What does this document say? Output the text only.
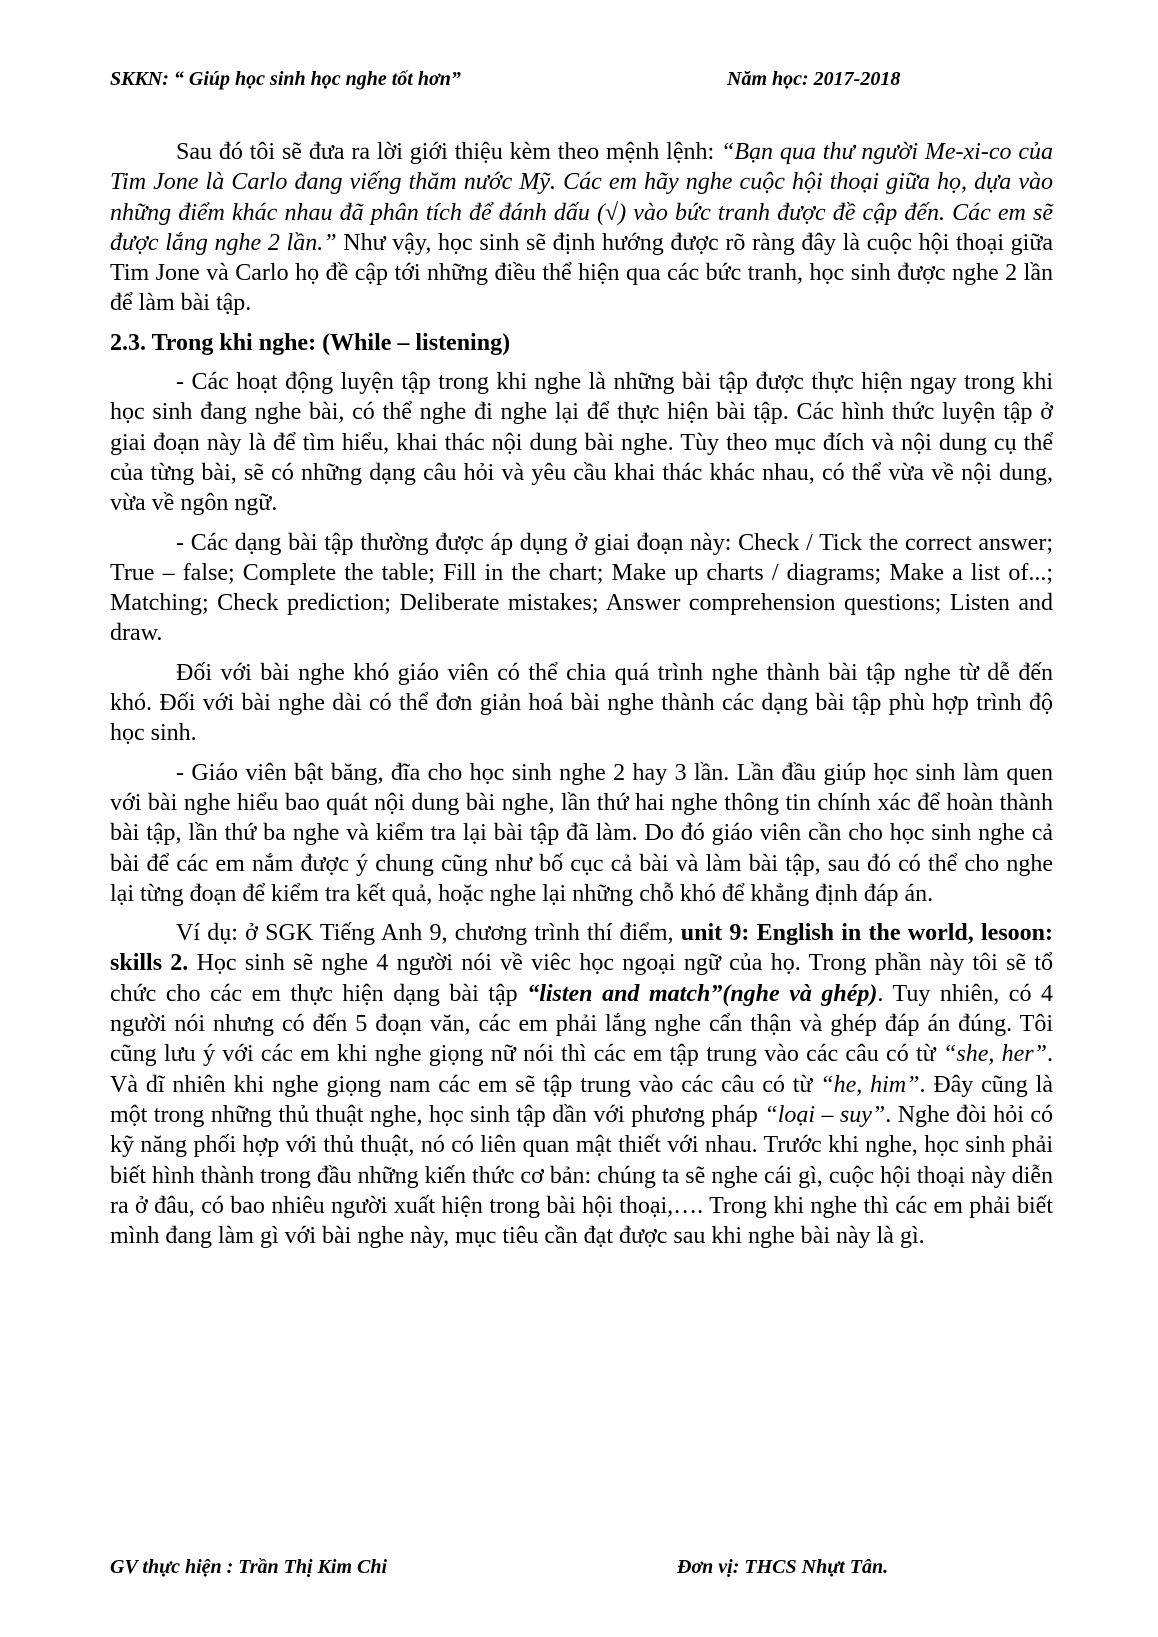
SKKN: “ Giúp học sinh học nghe tốt hơn”	Năm học: 2017-2018

Sau đó tôi sẽ đưa ra lời giới thiệu kèm theo mệnh lệnh: “Bạn qua thư người Me-xi-co của Tim Jone là Carlo đang viếng thăm nước Mỹ. Các em hãy nghe cuộc hội thoại giữa họ, dựa vào những điểm khác nhau đã phân tích để đánh dấu (√) vào bức tranh được đề cập đến. Các em sẽ được lắng nghe 2 lần.” Như vậy, học sinh sẽ định hướng được rõ ràng đây là cuộc hội thoại giữa Tim Jone và Carlo họ đề cập tới những điều thể hiện qua các bức tranh, học sinh được nghe 2 lần để làm bài tập.

2.3. Trong khi nghe: (While – listening)

- Các hoạt động luyện tập trong khi nghe là những bài tập được thực hiện ngay trong khi học sinh đang nghe bài, có thể nghe đi nghe lại để thực hiện bài tập. Các hình thức luyện tập ở giai đoạn này là để tìm hiểu, khai thác nội dung bài nghe. Tùy theo mục đích và nội dung cụ thể của từng bài, sẽ có những dạng câu hỏi và yêu cầu khai thác khác nhau, có thể vừa về nội dung, vừa về ngôn ngữ.

- Các dạng bài tập thường được áp dụng ở giai đoạn này: Check / Tick the correct answer; True – false; Complete the table; Fill in the chart; Make up charts / diagrams; Make a list of...; Matching; Check prediction; Deliberate mistakes; Answer comprehension questions; Listen and draw.

Đối với bài nghe khó giáo viên có thể chia quá trình nghe thành bài tập nghe từ dễ đến khó. Đối với bài nghe dài có thể đơn giản hoá bài nghe thành các dạng bài tập phù hợp trình độ học sinh.

- Giáo viên bật băng, đĩa cho học sinh nghe 2 hay 3 lần. Lần đầu giúp học sinh làm quen với bài nghe hiểu bao quát nội dung bài nghe, lần thứ hai nghe thông tin chính xác để hoàn thành bài tập, lần thứ ba nghe và kiểm tra lại bài tập đã làm. Do đó giáo viên cần cho học sinh nghe cả bài để các em nắm được ý chung cũng như bố cục cả bài và làm bài tập, sau đó có thể cho nghe lại từng đoạn để kiểm tra kết quả, hoặc nghe lại những chỗ khó để khẳng định đáp án.

Ví dụ: ở SGK Tiếng Anh 9, chương trình thí điểm, unit 9: English in the world, lesoon: skills 2. Học sinh sẽ nghe 4 người nói về viêc học ngoại ngữ của họ. Trong phần này tôi sẽ tổ chức cho các em thực hiện dạng bài tập “listen and match”(nghe và ghép). Tuy nhiên, có 4 người nói nhưng có đến 5 đoạn văn, các em phải lắng nghe cẩn thận và ghép đáp án đúng. Tôi cũng lưu ý với các em khi nghe giọng nữ nói thì các em tập trung vào các câu có từ “she, her”. Và dĩ nhiên khi nghe giọng nam các em sẽ tập trung vào các câu có từ “he, him”. Đây cũng là một trong những thủ thuật nghe, học sinh tập dần với phương pháp “loại – suy”. Nghe đòi hỏi có kỹ năng phối hợp với thủ thuật, nó có liên quan mật thiết với nhau. Trước khi nghe, học sinh phải biết hình thành trong đầu những kiến thức cơ bản: chúng ta sẽ nghe cái gì, cuộc hội thoại này diễn ra ở đâu, có bao nhiêu người xuất hiện trong bài hội thoại,…. Trong khi nghe thì các em phải biết mình đang làm gì với bài nghe này, mục tiêu cần đạt được sau khi nghe bài này là gì.

GV thực hiện : Trần Thị Kim Chi	Đơn vị: THCS Nhựt Tân.
